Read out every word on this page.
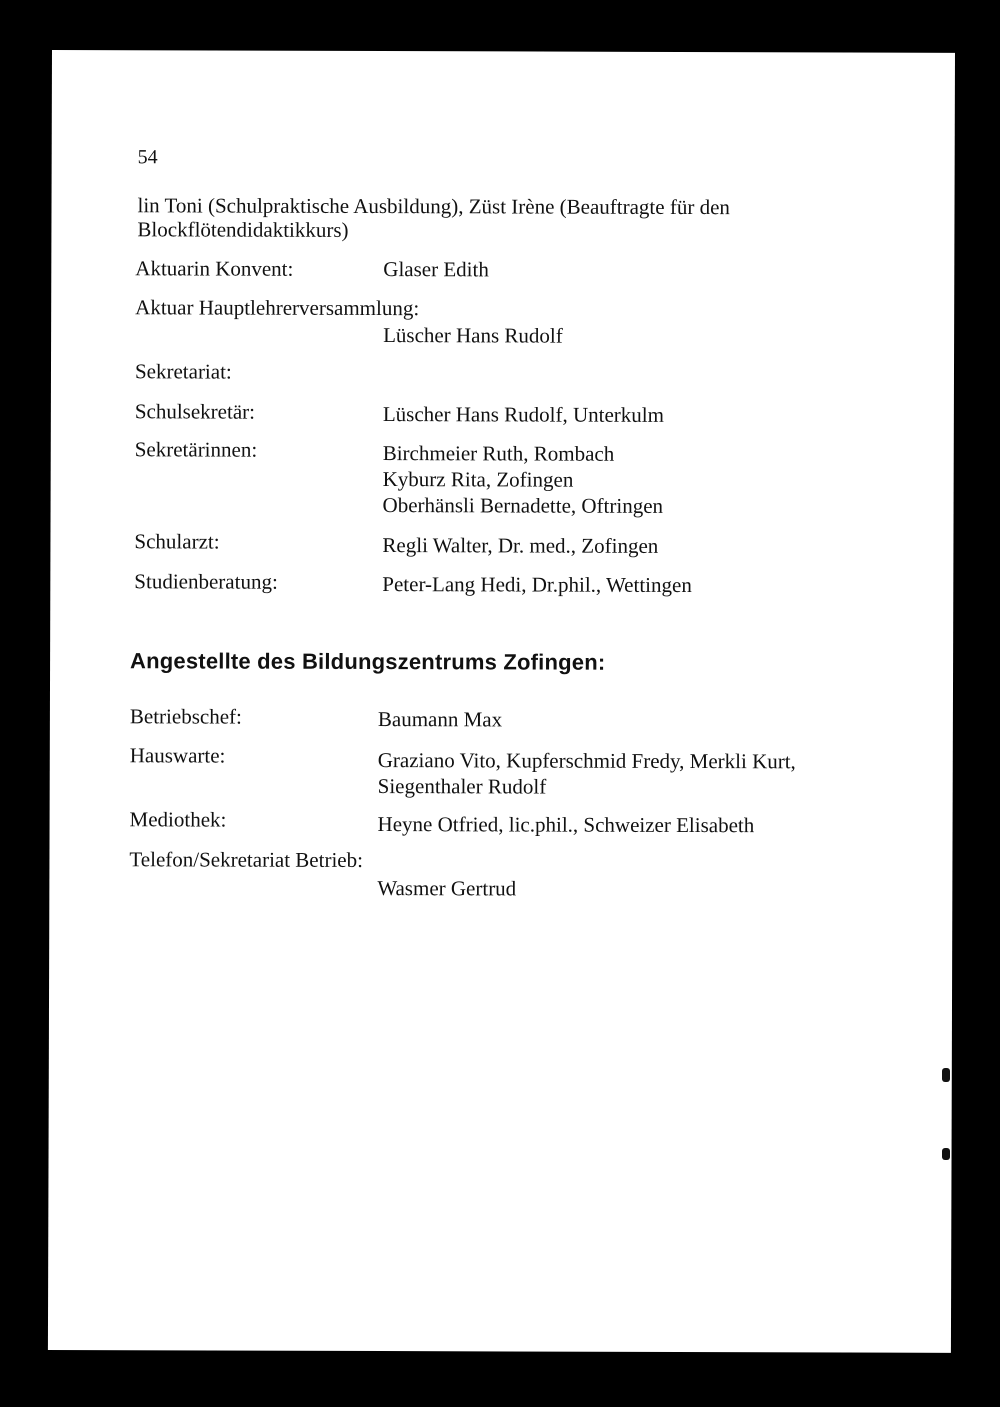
54
lin Toni (Schulpraktische Ausbildung), Züst Irène (Beauftragte für den Blockflötendidaktikkurs)
Aktuarin Konvent:	Glaser Edith
Aktuar Hauptlehrerversammlung:
Lüscher Hans Rudolf
Sekretariat:
Schulsekretär:	Lüscher Hans Rudolf, Unterkulm
Sekretärinnen:	Birchmeier Ruth, Rombach
Kyburz Rita, Zofingen
Oberhänsli Bernadette, Oftringen
Schularzt:	Regli Walter, Dr. med., Zofingen
Studienberatung:	Peter-Lang Hedi, Dr.phil., Wettingen
Angestellte des Bildungszentrums Zofingen:
Betriebschef:	Baumann Max
Hauswarte:	Graziano Vito, Kupferschmid Fredy, Merkli Kurt,
Siegenthaler Rudolf
Mediothek:	Heyne Otfried, lic.phil., Schweizer Elisabeth
Telefon/Sekretariat Betrieb:
Wasmer Gertrud
